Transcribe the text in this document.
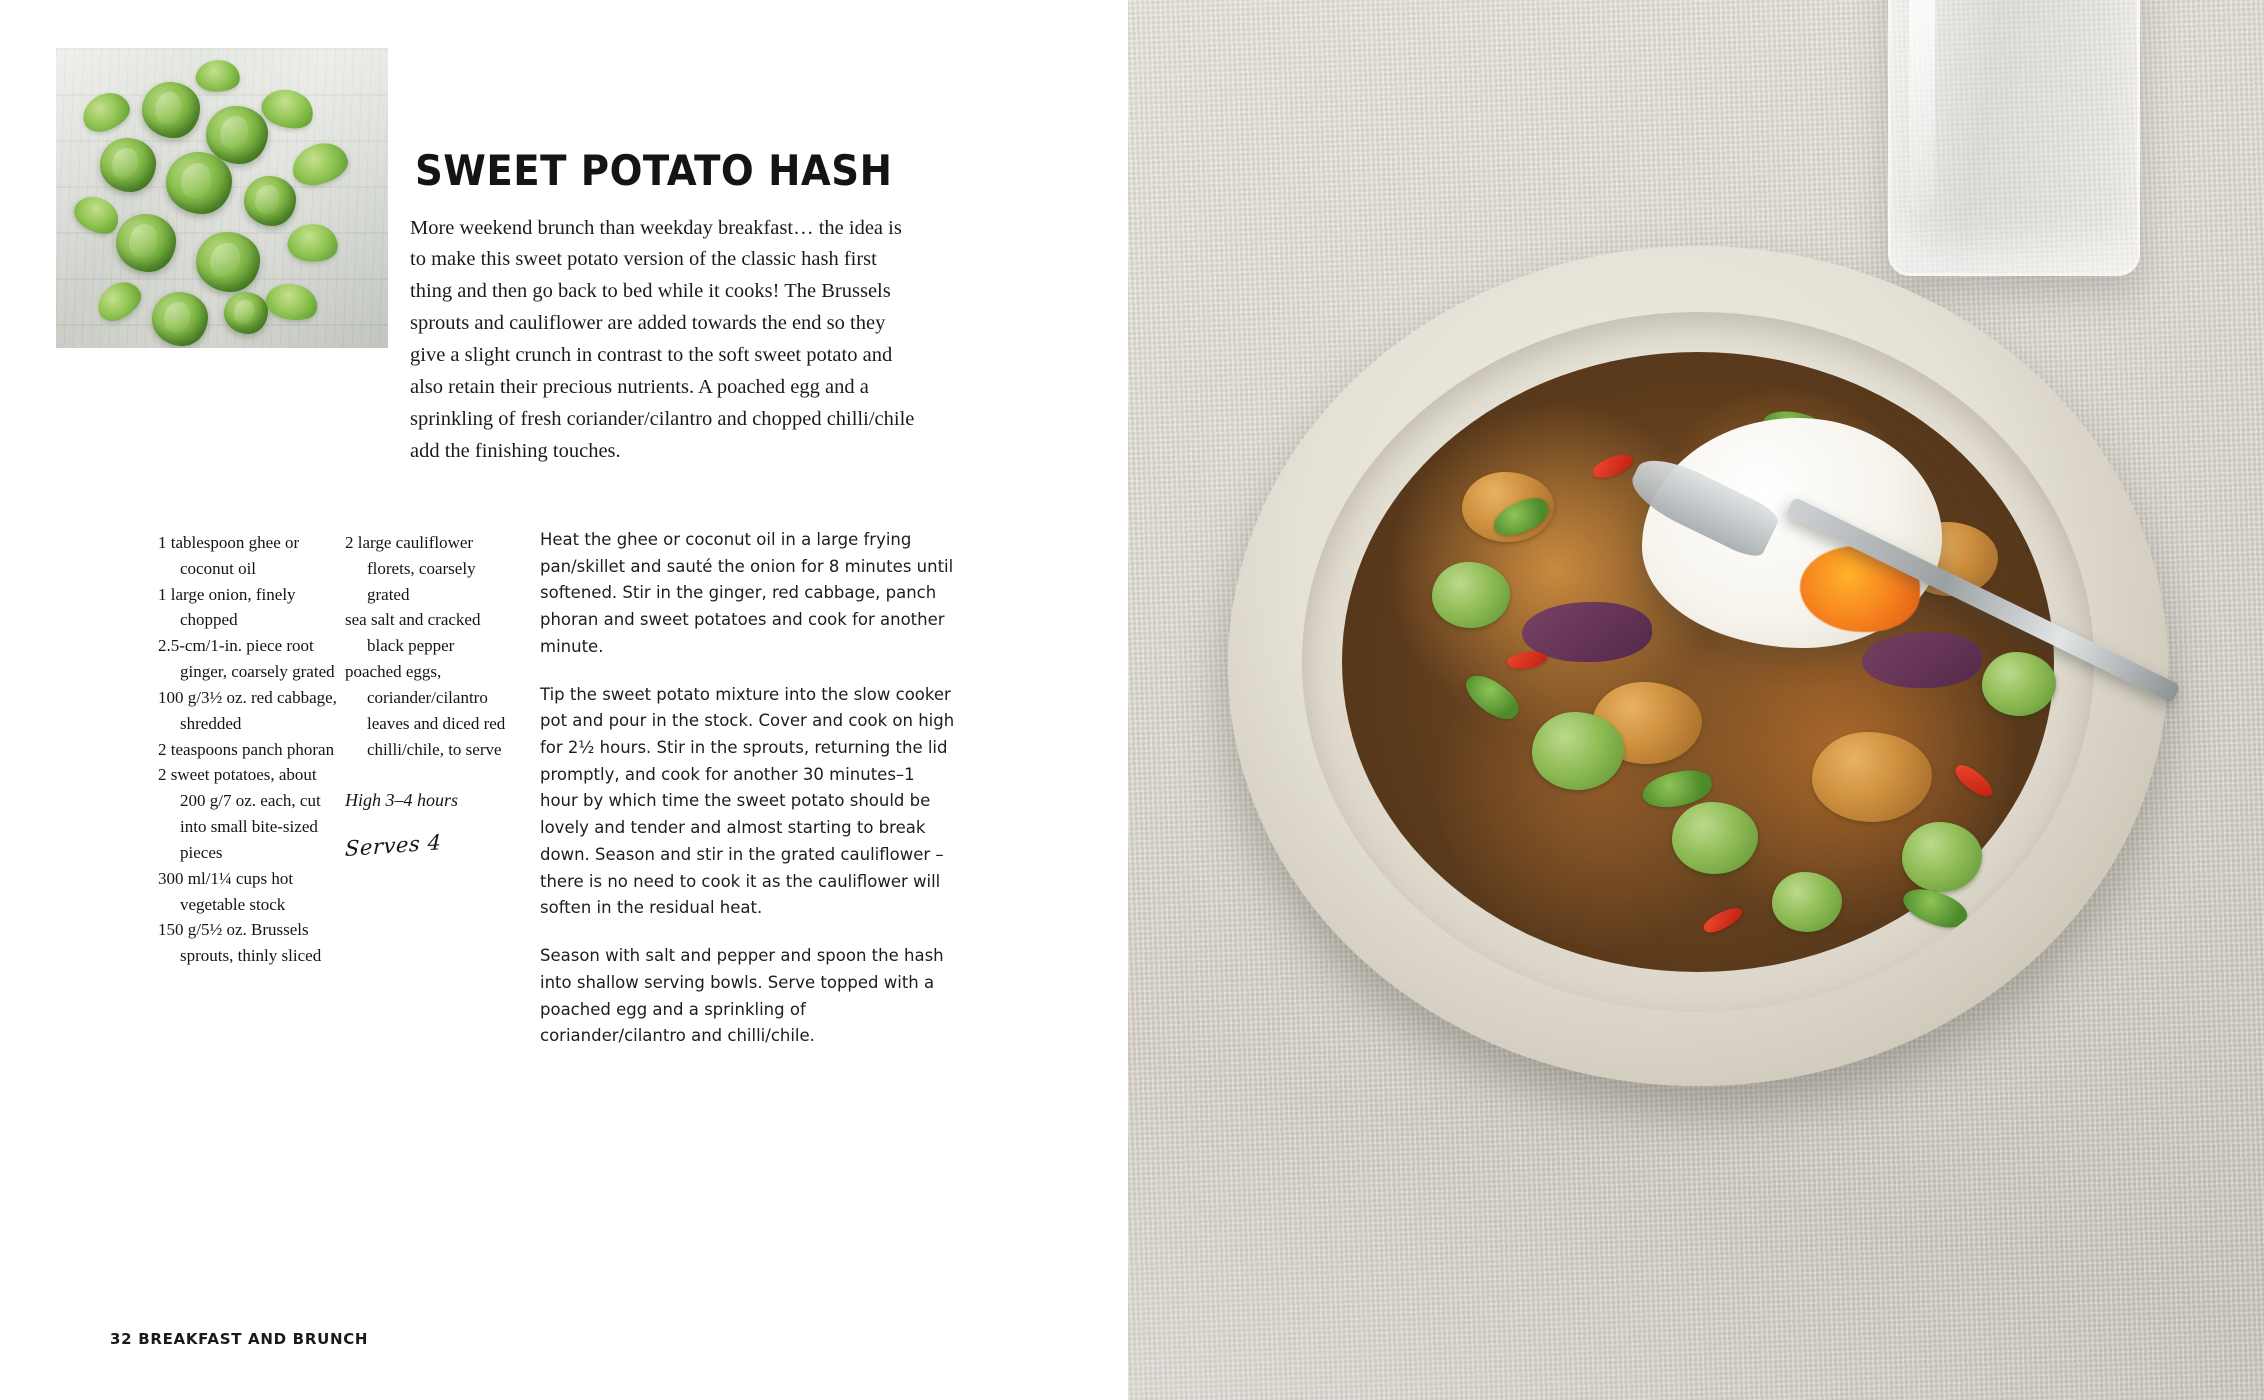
SWEET POTATO HASH

More weekend brunch than weekday breakfast… the idea is to make this sweet potato version of the classic hash first thing and then go back to bed while it cooks! The Brussels sprouts and cauliflower are added towards the end so they give a slight crunch in contrast to the soft sweet potato and also retain their precious nutrients. A poached egg and a sprinkling of fresh coriander/cilantro and chopped chilli/chile add the finishing touches.

1 tablespoon ghee or coconut oil
1 large onion, finely chopped
2.5-cm/1-in. piece root ginger, coarsely grated
100 g/3½ oz. red cabbage, shredded
2 teaspoons panch phoran
2 sweet potatoes, about 200 g/7 oz. each, cut into small bite-sized pieces
300 ml/1¼ cups hot vegetable stock
150 g/5½ oz. Brussels sprouts, thinly sliced
2 large cauliflower florets, coarsely grated
sea salt and cracked black pepper
poached eggs, coriander/cilantro leaves and diced red chilli/chile, to serve
High 3–4 hours
Serves 4

Heat the ghee or coconut oil in a large frying pan/skillet and sauté the onion for 8 minutes until softened. Stir in the ginger, red cabbage, panch phoran and sweet potatoes and cook for another minute.

Tip the sweet potato mixture into the slow cooker pot and pour in the stock. Cover and cook on high for 2½ hours. Stir in the sprouts, returning the lid promptly, and cook for another 30 minutes–1 hour by which time the sweet potato should be lovely and tender and almost starting to break down. Season and stir in the grated cauliflower – there is no need to cook it as the cauliflower will soften in the residual heat.

Season with salt and pepper and spoon the hash into shallow serving bowls. Serve topped with a poached egg and a sprinkling of coriander/cilantro and chilli/chile.

32 BREAKFAST AND BRUNCH
